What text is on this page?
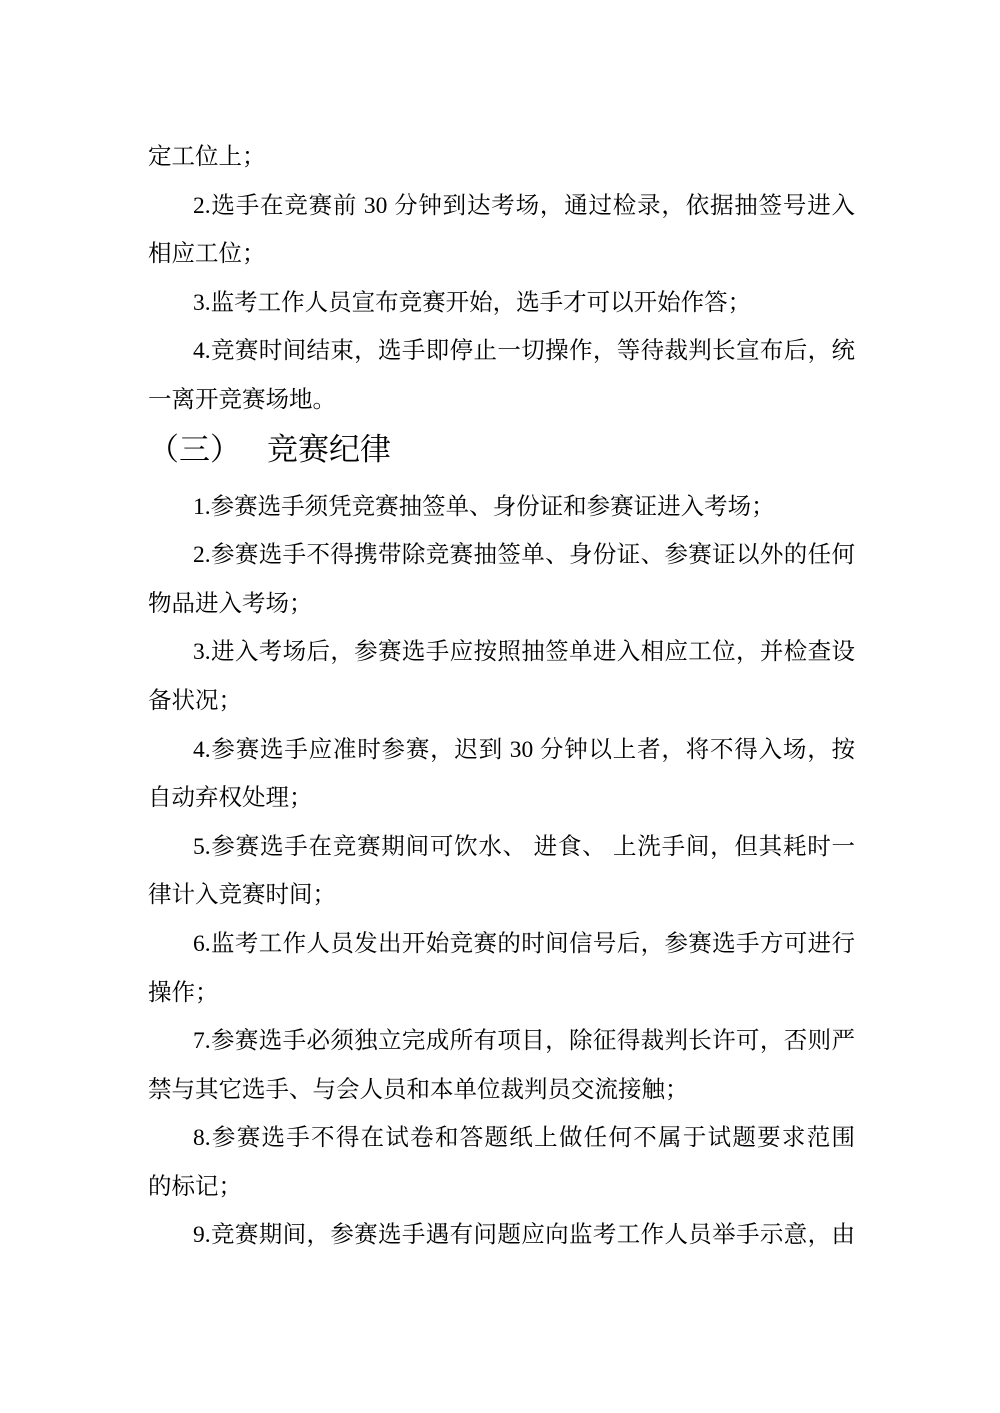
定工位上；
2.选手在竞赛前 30 分钟到达考场，通过检录，依据抽签号进入
相应工位；
3.监考工作人员宣布竞赛开始，选手才可以开始作答；
4.竞赛时间结束，选手即停止一切操作，等待裁判长宣布后，统
一离开竞赛场地。
（三） 竞赛纪律
1.参赛选手须凭竞赛抽签单、身份证和参赛证进入考场；
2.参赛选手不得携带除竞赛抽签单、身份证、参赛证以外的任何
物品进入考场；
3.进入考场后，参赛选手应按照抽签单进入相应工位，并检查设
备状况；
4.参赛选手应准时参赛，迟到 30 分钟以上者，将不得入场，按
自动弃权处理；
5.参赛选手在竞赛期间可饮水、 进食、 上洗手间，但其耗时一
律计入竞赛时间；
6.监考工作人员发出开始竞赛的时间信号后，参赛选手方可进行
操作；
7.参赛选手必须独立完成所有项目，除征得裁判长许可，否则严
禁与其它选手、与会人员和本单位裁判员交流接触；
8.参赛选手不得在试卷和答题纸上做任何不属于试题要求范围
的标记；
9.竞赛期间，参赛选手遇有问题应向监考工作人员举手示意，由
